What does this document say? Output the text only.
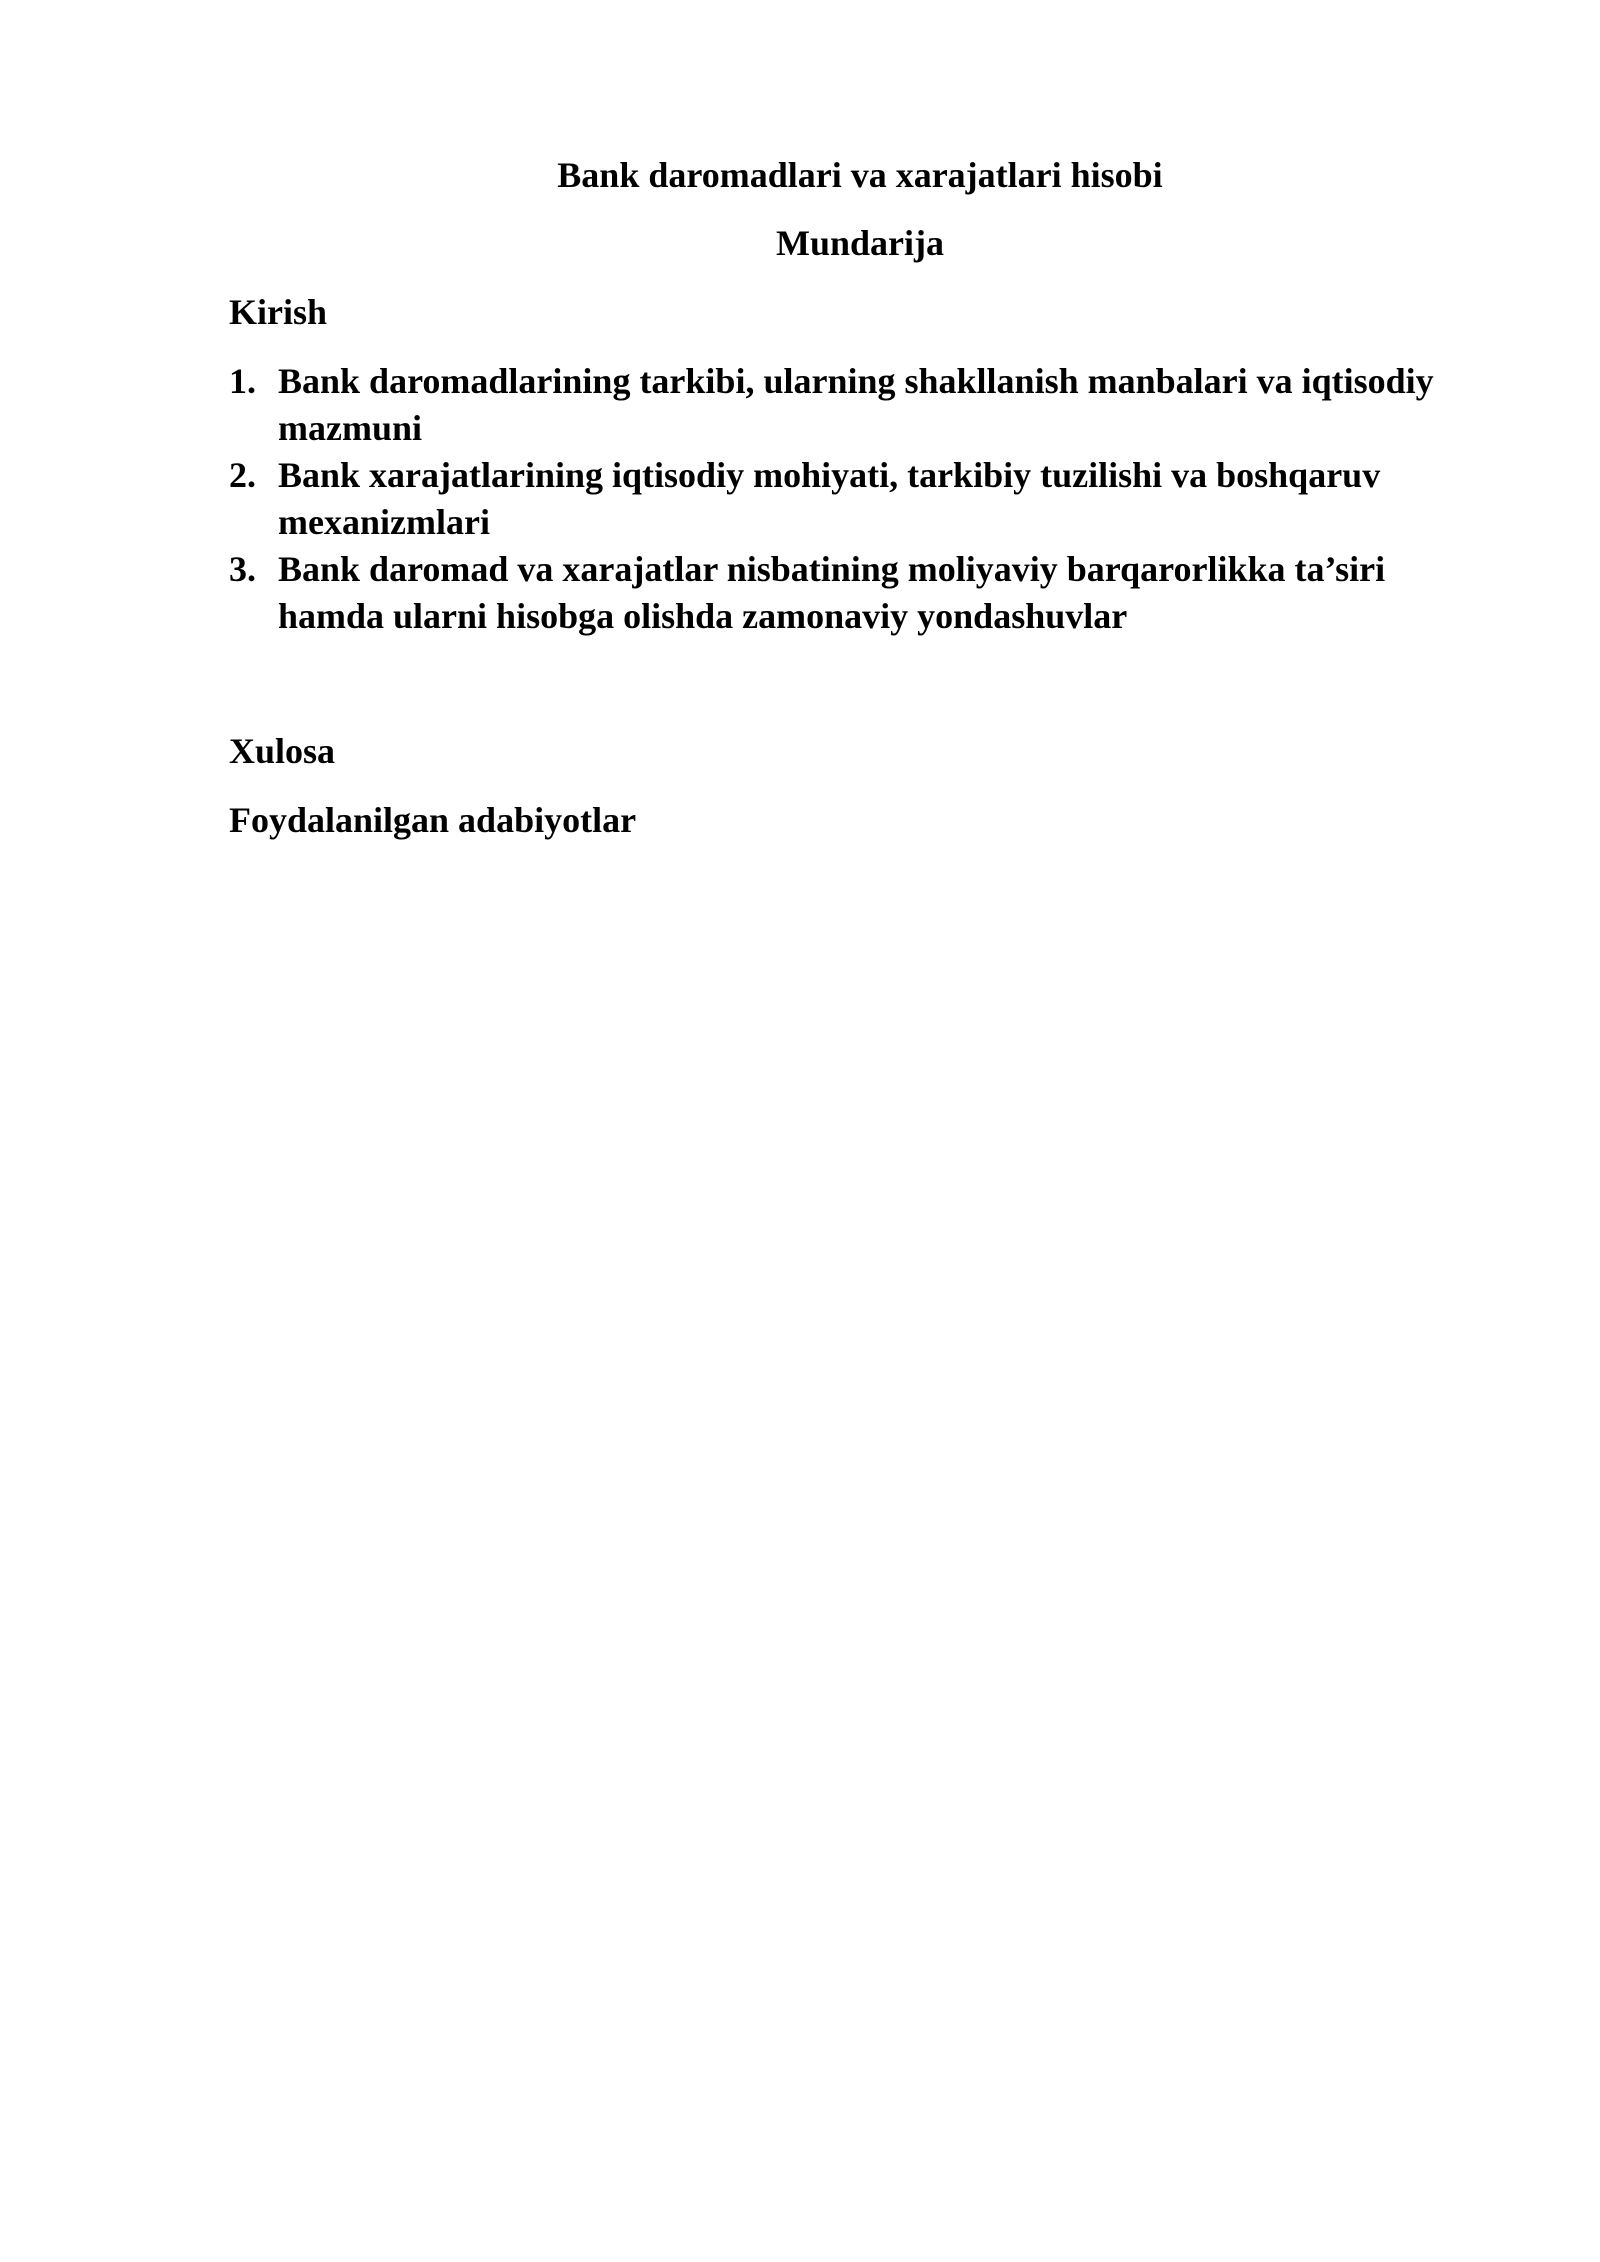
Bank daromadlari va xarajatlari hisobi
Mundarija
Kirish
1. Bank daromadlarining tarkibi, ularning shakllanish manbalari va iqtisodiy
mazmuni
2. Bank xarajatlarining iqtisodiy mohiyati, tarkibiy tuzilishi va boshqaruv
mexanizmlari
3. Bank daromad va xarajatlar nisbatining moliyaviy barqarorlikka ta’siri
hamda ularni hisobga olishda zamonaviy yondashuvlar
Xulosa
Foydalanilgan adabiyotlar
